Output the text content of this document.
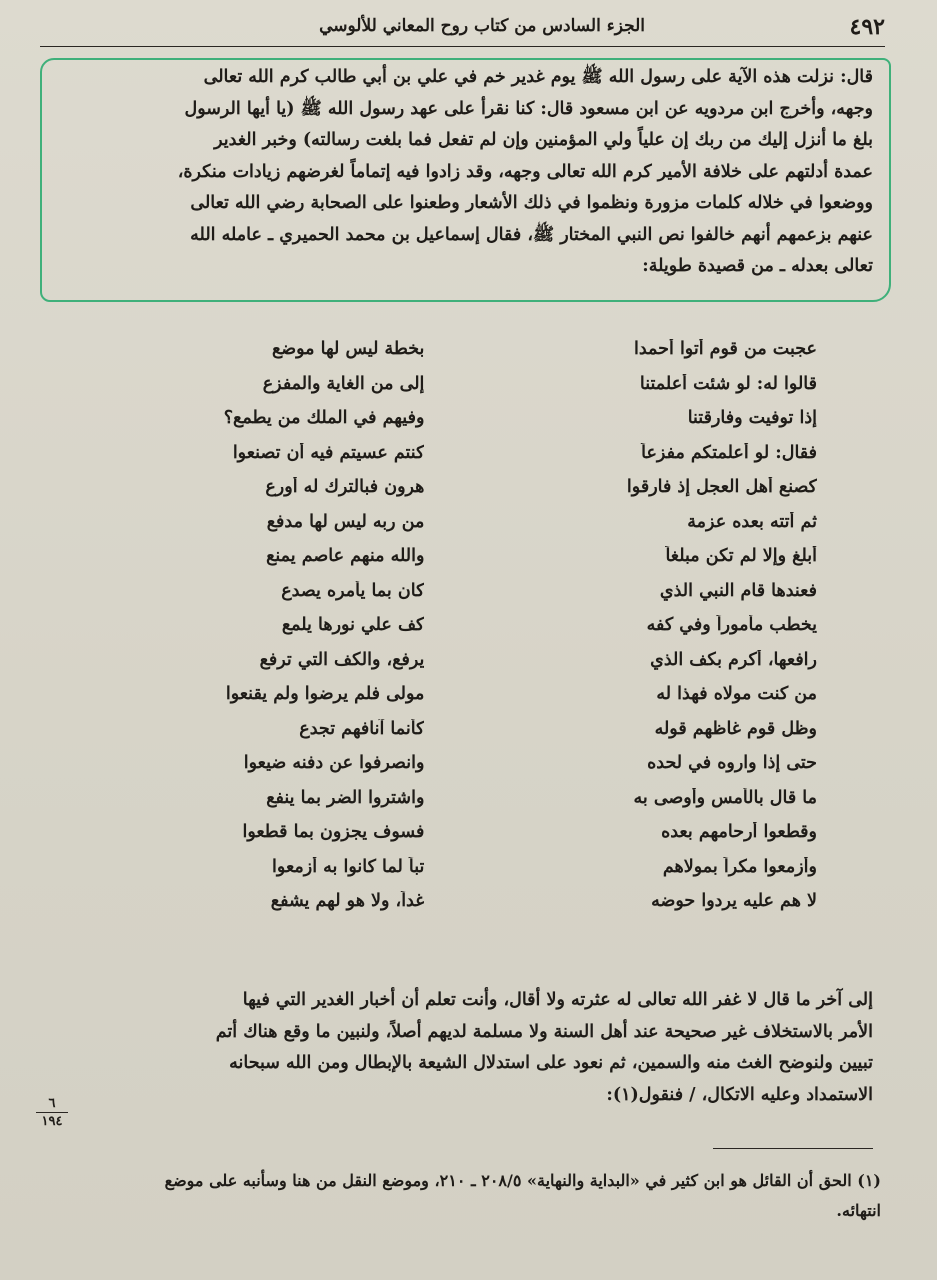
٤٩٢
الجزء السادس من كتاب روح المعاني للألوسي
قال: نزلت هذه الآية على رسول الله ﷺ يوم غدير خم في علي بن أبي طالب كرم الله تعالى
وجهه، وأخرج ابن مردويه عن ابن مسعود قال: كنا نقرأ على عهد رسول الله ﷺ (يا أيها الرسول
بلغ ما أنزل إليك من ربك إن علياً ولي المؤمنين وإن لم تفعل فما بلغت رسالته) وخبر الغدير
عمدة أدلتهم على خلافة الأمير كرم الله تعالى وجهه، وقد زادوا فيه إتماماً لغرضهم زيادات منكرة،
ووضعوا في خلاله كلمات مزورة ونظموا في ذلك الأشعار وطعنوا على الصحابة رضي الله تعالى
عنهم بزعمهم أنهم خالفوا نص النبي المختار ﷺ، فقال إسماعيل بن محمد الحميري ـ عامله الله
تعالى بعدله ـ من قصيدة طويلة:
عجبت من قوم أتوا أحمدا
بخطة ليس لها موضع
قالوا له: لو شئت أعلمتنا
إلى من الغاية والمفزع
إذا توفيت وفارقتنا
وفيهم في الملك من يطمع؟
فقال: لو أعلمتكم مفزعاً
كنتم عسيتم فيه أن تصنعوا
كصنع أهل العجل إذ فارقوا
هرون فبالترك له أورع
ثم أتته بعده عزمة
من ربه ليس لها مدفع
أبلغ وإلا لم تكن مبلغاً
والله منهم عاصم يمنع
فعندها قام النبي الذي
كان بما يأمره يصدع
يخطب مأموراً وفي كفه
كف علي نورها يلمع
رافعها، أكرم بكف الذي
يرفع، والكف التي ترفع
من كنت مولاه فهذا له
مولى فلم يرضوا ولم يقنعوا
وظل قوم غاظهم قوله
كأنما آنافهم تجدع
حتى إذا واروه في لحده
وانصرفوا عن دفنه ضيعوا
ما قال بالأمس وأوصى به
واشتروا الضر بما ينفع
وقطعوا أرحامهم بعده
فسوف يجزون بما قطعوا
وأزمعوا مكراً بمولاهم
تباً لما كانوا به أزمعوا
لا هم عليه يردوا حوضه
غداً، ولا هو لهم يشفع
إلى آخر ما قال لا غفر الله تعالى له عثرته ولا أقال، وأنت تعلم أن أخبار الغدير التي فيها
الأمر بالاستخلاف غير صحيحة عند أهل السنة ولا مسلمة لديهم أصلاً، ولنبين ما وقع هناك أتم
تبيين ولنوضح الغث منه والسمين، ثم نعود على استدلال الشيعة بالإبطال ومن الله سبحانه
الاستمداد وعليه الاتكال، / فنقول(١):
٦
١٩٤
(١) الحق أن القائل هو ابن كثير في «البداية والنهاية» ٢٠٨/٥ ـ ٢١٠، وموضع النقل من هنا وسأنبه على موضع
انتهائه.
